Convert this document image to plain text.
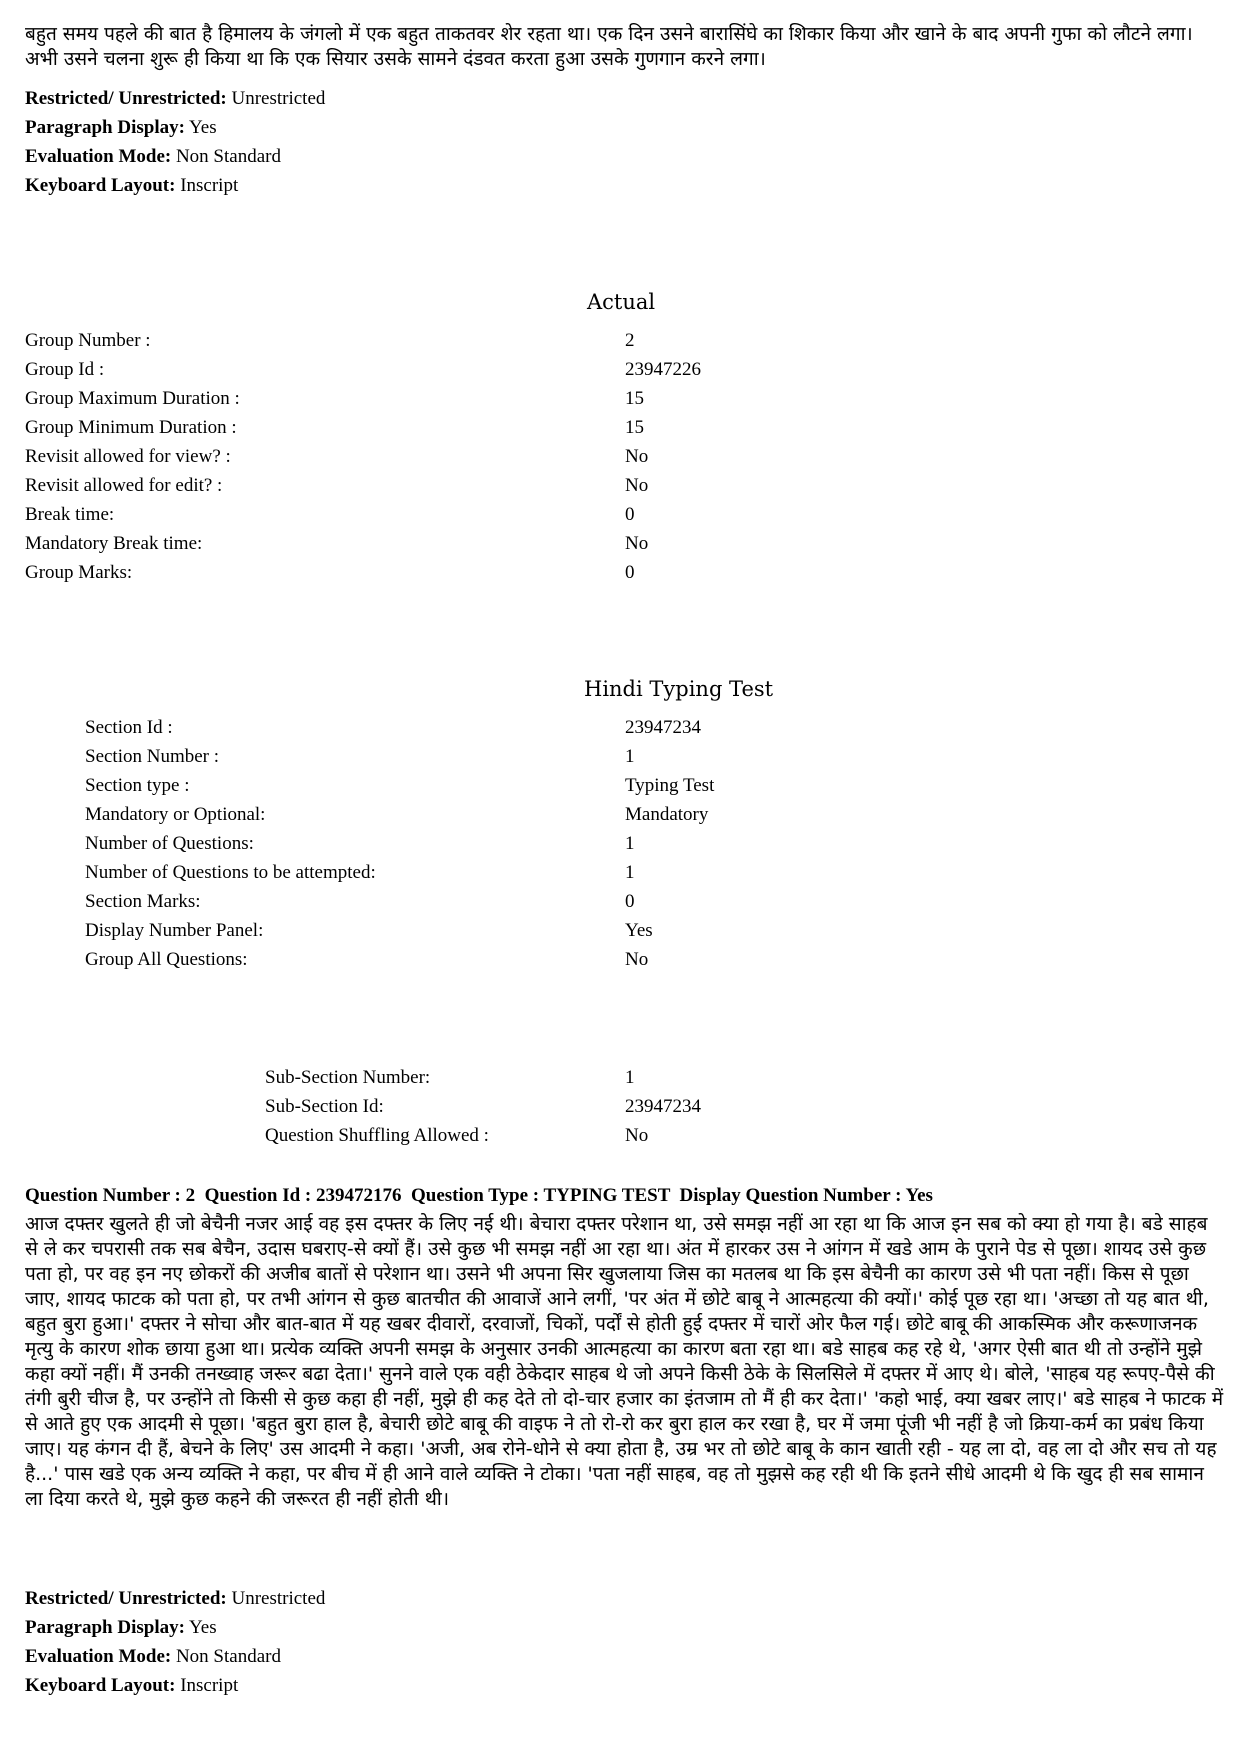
बहुत समय पहले की बात है हिमालय के जंगलो में एक बहुत ताकतवर शेर रहता था। एक दिन उसने बारासिंघे का शिकार किया और खाने के बाद अपनी गुफा को लौटने लगा। अभी उसने चलना शुरू ही किया था कि एक सियार उसके सामने दंडवत करता हुआ उसके गुणगान करने लगा।

Restricted/ Unrestricted: Unrestricted
Paragraph Display: Yes
Evaluation Mode: Non Standard
Keyboard Layout: Inscript
Actual
Group Number :	2
Group Id :	23947226
Group Maximum Duration :	15
Group Minimum Duration :	15
Revisit allowed for view? :	No
Revisit allowed for edit? :	No
Break time:	0
Mandatory Break time:	No
Group Marks:	0
Hindi Typing Test
Section Id :	23947234
Section Number :	1
Section type :	Typing Test
Mandatory or Optional:	Mandatory
Number of Questions:	1
Number of Questions to be attempted:	1
Section Marks:	0
Display Number Panel:	Yes
Group All Questions:	No
Sub-Section Number:	1
Sub-Section Id:	23947234
Question Shuffling Allowed :	No
Question Number : 2  Question Id : 239472176  Question Type : TYPING TEST  Display Question Number : Yes

आज दफ्तर खुलते ही जो बेचैनी नजर आई वह इस दफ्तर के लिए नई थी। बेचारा दफ्तर परेशान था, उसे समझ नहीं आ रहा था कि आज इन सब को क्या हो गया है। बडे साहब से ले कर चपरासी तक सब बेचैन, उदास घबराए-से क्यों हैं। उसे कुछ भी समझ नहीं आ रहा था। अंत में हारकर उस ने आंगन में खडे आम के पुराने पेड से पूछा। शायद उसे कुछ पता हो, पर वह इन नए छोकरों की अजीब बातों से परेशान था। उसने भी अपना सिर खुजलाया जिस का मतलब था कि इस बेचैनी का कारण उसे भी पता नहीं। किस से पूछा जाए, शायद फाटक को पता हो, पर तभी आंगन से कुछ बातचीत की आवाजें आने लगीं, 'पर अंत में छोटे बाबू ने आत्महत्या की क्यों।' कोई पूछ रहा था। 'अच्छा तो यह बात थी, बहुत बुरा हुआ।' दफ्तर ने सोचा और बात-बात में यह खबर दीवारों, दरवाजों, चिकों, पर्दों से होती हुई दफ्तर में चारों ओर फैल गई। छोटे बाबू की आकस्मिक और करूणाजनक मृत्यु के कारण शोक छाया हुआ था। प्रत्येक व्यक्ति अपनी समझ के अनुसार उनकी आत्महत्या का कारण बता रहा था। बडे साहब कह रहे थे, 'अगर ऐसी बात थी तो उन्होंने मुझे कहा क्यों नहीं। मैं उनकी तनख्वाह जरूर बढा देता।' सुनने वाले एक वही ठेकेदार साहब थे जो अपने किसी ठेके के सिलसिले में दफ्तर में आए थे। बोले, 'साहब यह रूपए-पैसे की तंगी बुरी चीज है, पर उन्होंने तो किसी से कुछ कहा ही नहीं, मुझे ही कह देते तो दो-चार हजार का इंतजाम तो मैं ही कर देता।' 'कहो भाई, क्या खबर लाए।' बडे साहब ने फाटक में से आते हुए एक आदमी से पूछा। 'बहुत बुरा हाल है, बेचारी छोटे बाबू की वाइफ ने तो रो-रो कर बुरा हाल कर रखा है, घर में जमा पूंजी भी नहीं है जो क्रिया-कर्म का प्रबंध किया जाए। यह कंगन दी हैं, बेचने के लिए' उस आदमी ने कहा। 'अजी, अब रोने-धोने से क्या होता है, उम्र भर तो छोटे बाबू के कान खाती रही - यह ला दो, वह ला दो और सच तो यह है...' पास खडे एक अन्य व्यक्ति ने कहा, पर बीच में ही आने वाले व्यक्ति ने टोका। 'पता नहीं साहब, वह तो मुझसे कह रही थी कि इतने सीधे आदमी थे कि खुद ही सब सामान ला दिया करते थे, मुझे कुछ कहने की जरूरत ही नहीं होती थी।

Restricted/ Unrestricted: Unrestricted
Paragraph Display: Yes
Evaluation Mode: Non Standard
Keyboard Layout: Inscript
